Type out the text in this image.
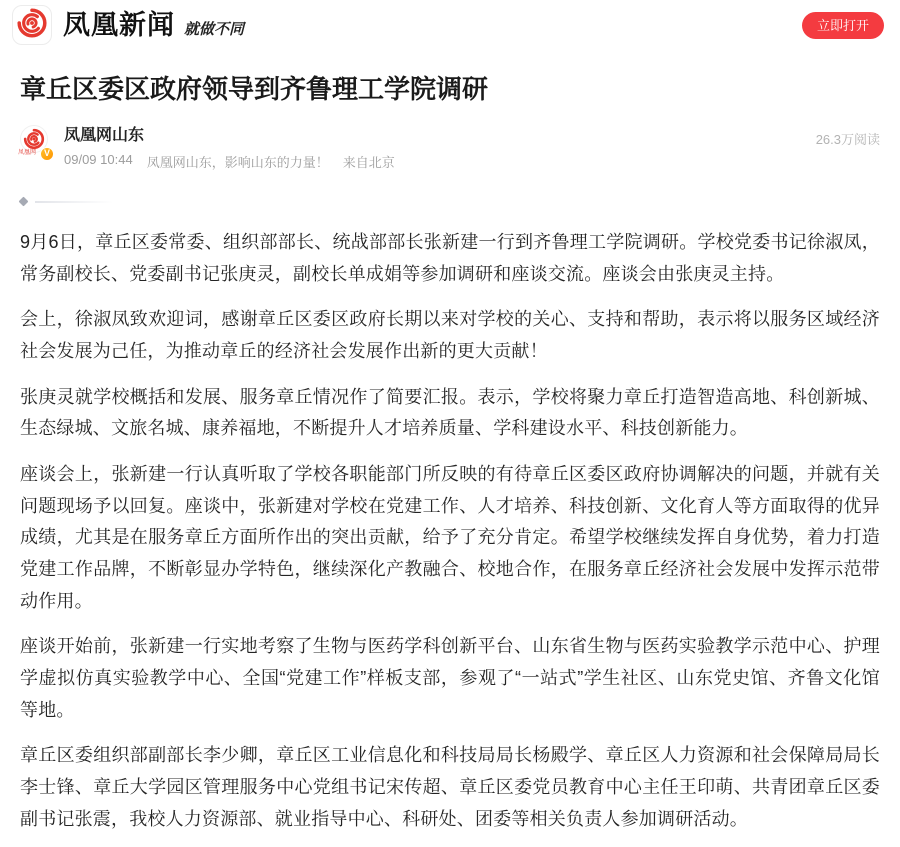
凤凰新闻 就做不同	立即打开
章丘区委区政府领导到齐鲁理工学院调研
凤凰网 V
凤凰网山东
09/09 10:44 凤凰网山东，影响山东的力量！ 来自北京
26.3万阅读

9月6日，章丘区委常委、组织部部长、统战部部长张新建一行到齐鲁理工学院调研。学校党委书记徐淑凤，常务副校长、党委副书记张庚灵，副校长单成娟等参加调研和座谈交流。座谈会由张庚灵主持。

会上，徐淑凤致欢迎词，感谢章丘区委区政府长期以来对学校的关心、支持和帮助，表示将以服务区域经济社会发展为己任，为推动章丘的经济社会发展作出新的更大贡献！

张庚灵就学校概括和发展、服务章丘情况作了简要汇报。表示，学校将聚力章丘打造智造高地、科创新城、生态绿城、文旅名城、康养福地，不断提升人才培养质量、学科建设水平、科技创新能力。

座谈会上，张新建一行认真听取了学校各职能部门所反映的有待章丘区委区政府协调解决的问题，并就有关问题现场予以回复。座谈中，张新建对学校在党建工作、人才培养、科技创新、文化育人等方面取得的优异成绩，尤其是在服务章丘方面所作出的突出贡献，给予了充分肯定。希望学校继续发挥自身优势，着力打造党建工作品牌，不断彰显办学特色，继续深化产教融合、校地合作，在服务章丘经济社会发展中发挥示范带动作用。

座谈开始前，张新建一行实地考察了生物与医药学科创新平台、山东省生物与医药实验教学示范中心、护理学虚拟仿真实验教学中心、全国“党建工作”样板支部，参观了“一站式”学生社区、山东党史馆、齐鲁文化馆等地。

章丘区委组织部副部长李少卿，章丘区工业信息化和科技局局长杨殿学、章丘区人力资源和社会保障局局长李士锋、章丘大学园区管理服务中心党组书记宋传超、章丘区委党员教育中心主任王印萌、共青团章丘区委副书记张震，我校人力资源部、就业指导中心、科研处、团委等相关负责人参加调研活动。
